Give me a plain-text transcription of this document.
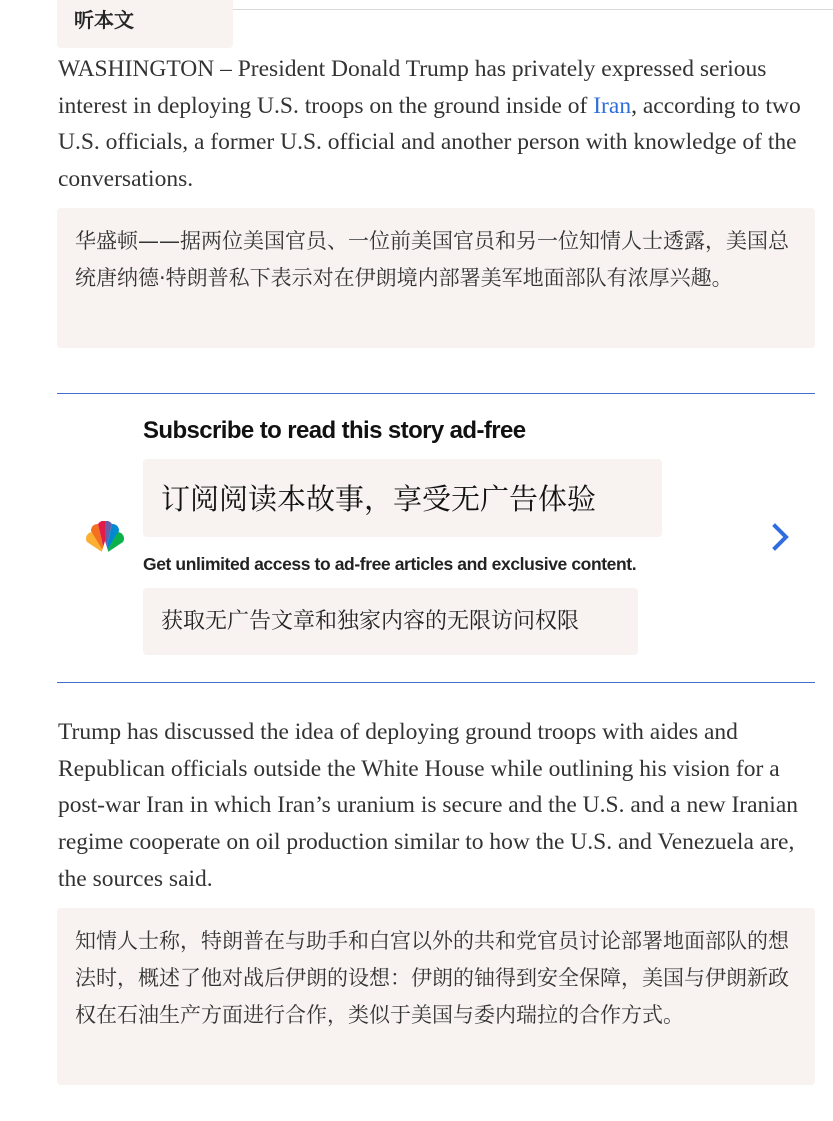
听本文

WASHINGTON – President Donald Trump has privately expressed serious interest in deploying U.S. troops on the ground inside of Iran, according to two U.S. officials, a former U.S. official and another person with knowledge of the conversations.

华盛顿——据两位美国官员、一位前美国官员和另一位知情人士透露，美国总统唐纳德·特朗普私下表示对在伊朗境内部署美军地面部队有浓厚兴趣。

Subscribe to read this story ad-free

订阅阅读本故事，享受无广告体验

Get unlimited access to ad-free articles and exclusive content.

获取无广告文章和独家内容的无限访问权限

Trump has discussed the idea of deploying ground troops with aides and Republican officials outside the White House while outlining his vision for a post-war Iran in which Iran’s uranium is secure and the U.S. and a new Iranian regime cooperate on oil production similar to how the U.S. and Venezuela are, the sources said.

知情人士称，特朗普在与助手和白宫以外的共和党官员讨论部署地面部队的想法时，概述了他对战后伊朗的设想：伊朗的铀得到安全保障，美国与伊朗新政权在石油生产方面进行合作，类似于美国与委内瑞拉的合作方式。
